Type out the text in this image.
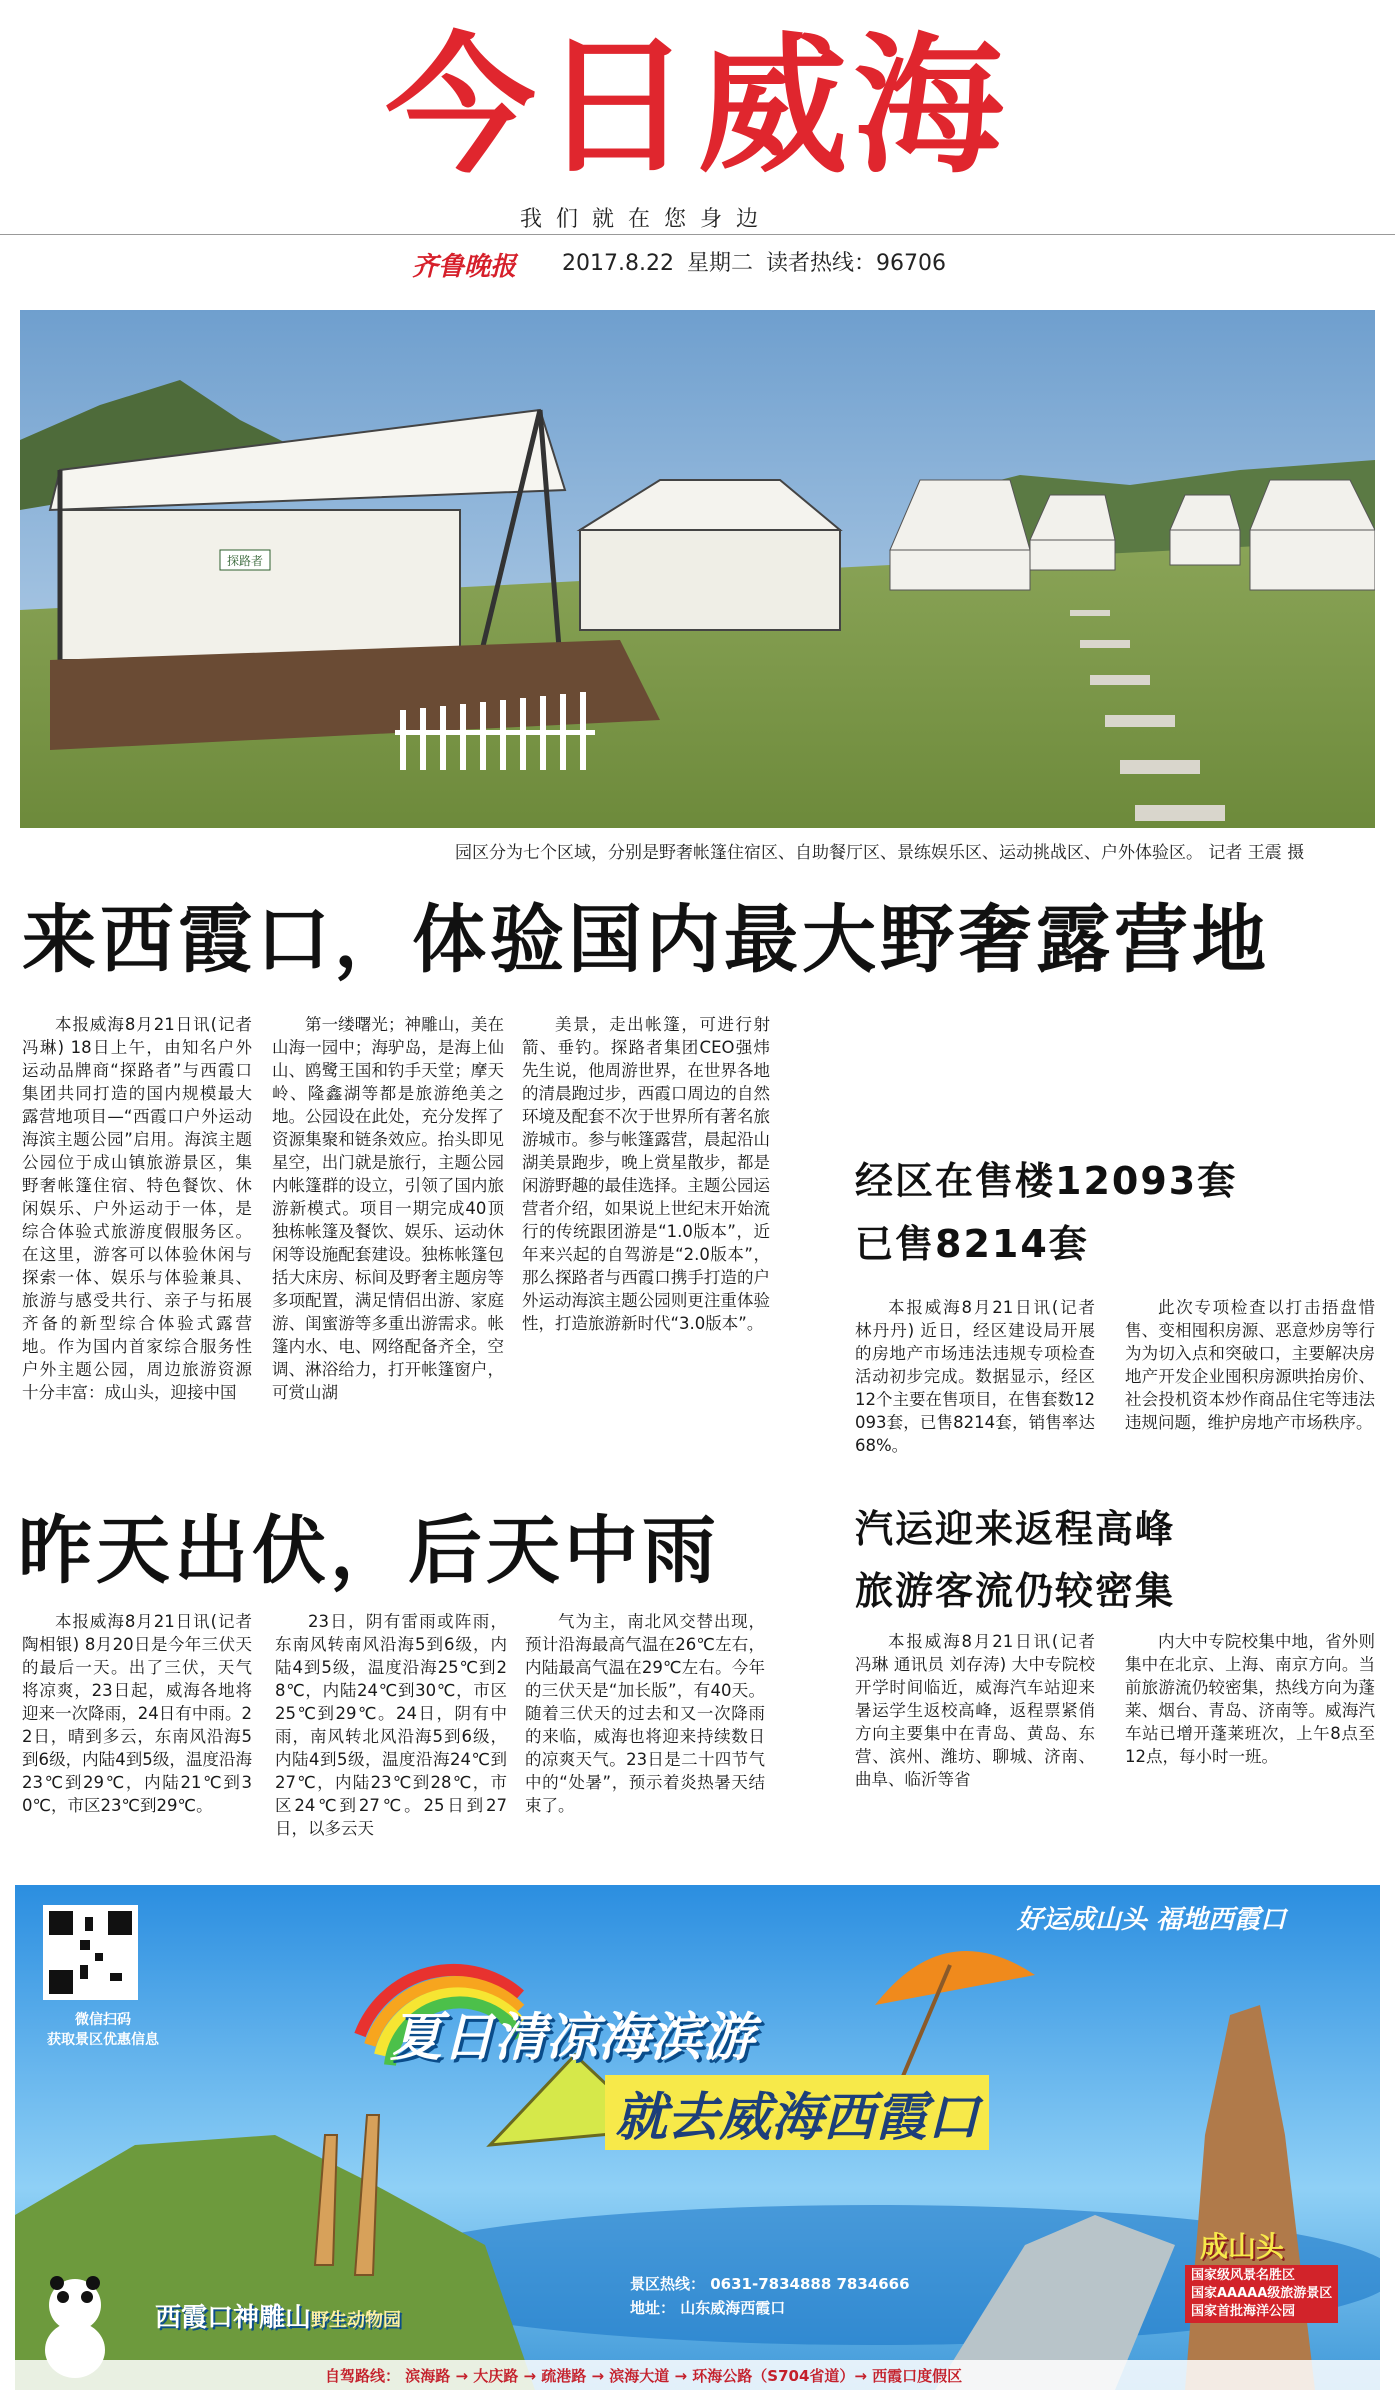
今日威海
我们就在您身边
齐鲁晚报 2017.8.22 星期二 读者热线：96706
探路者
园区分为七个区域，分别是野奢帐篷住宿区、自助餐厅区、景练娱乐区、运动挑战区、户外体验区。 记者 王震 摄
来西霞口，体验国内最大野奢露营地

本报威海8月21日讯(记者 冯琳) 18日上午，由知名户外运动品牌商“探路者”与西霞口集团共同打造的国内规模最大露营地项目—“西霞口户外运动海滨主题公园”启用。海滨主题公园位于成山镇旅游景区，集野奢帐篷住宿、特色餐饮、休闲娱乐、户外运动于一体，是综合体验式旅游度假服务区。在这里，游客可以体验休闲与探索一体、娱乐与体验兼具、旅游与感受共行、亲子与拓展齐备的新型综合体验式露营地。作为国内首家综合服务性户外主题公园，周边旅游资源十分丰富：成山头，迎接中国

第一缕曙光；神雕山，美在山海一园中；海驴岛，是海上仙山、鸥鹭王国和钓手天堂；摩天岭、隆鑫湖等都是旅游绝美之地。公园设在此处，充分发挥了资源集聚和链条效应。抬头即见星空，出门就是旅行，主题公园内帐篷群的设立，引领了国内旅游新模式。项目一期完成40顶独栋帐篷及餐饮、娱乐、运动休闲等设施配套建设。独栋帐篷包括大床房、标间及野奢主题房等多项配置，满足情侣出游、家庭游、闺蜜游等多重出游需求。帐篷内水、电、网络配备齐全，空调、淋浴给力，打开帐篷窗户，可赏山湖

美景，走出帐篷，可进行射箭、垂钓。探路者集团CEO强炜先生说，他周游世界，在世界各地的清晨跑过步，西霞口周边的自然环境及配套不次于世界所有著名旅游城市。参与帐篷露营，晨起沿山湖美景跑步，晚上赏星散步，都是闲游野趣的最佳选择。主题公园运营者介绍，如果说上世纪末开始流行的传统跟团游是“1.0版本”，近年来兴起的自驾游是“2.0版本”，那么探路者与西霞口携手打造的户外运动海滨主题公园则更注重体验性，打造旅游新时代“3.0版本”。

经区在售楼12093套
已售8214套

本报威海8月21日讯(记者 林丹丹) 近日，经区建设局开展的房地产市场违法违规专项检查活动初步完成。数据显示，经区12个主要在售项目，在售套数12093套，已售8214套，销售率达68%。

此次专项检查以打击捂盘惜售、变相囤积房源、恶意炒房等行为为切入点和突破口，主要解决房地产开发企业囤积房源哄抬房价、社会投机资本炒作商品住宅等违法违规问题，维护房地产市场秩序。

昨天出伏，后天中雨

本报威海8月21日讯(记者 陶相银) 8月20日是今年三伏天的最后一天。出了三伏，天气将凉爽，23日起，威海各地将迎来一次降雨，24日有中雨。22日，晴到多云，东南风沿海5到6级，内陆4到5级，温度沿海23℃到29℃，内陆21℃到30℃，市区23℃到29℃。

23日，阴有雷雨或阵雨，东南风转南风沿海5到6级，内陆4到5级，温度沿海25℃到28℃，内陆24℃到30℃，市区25℃到29℃。24日，阴有中雨，南风转北风沿海5到6级，内陆4到5级，温度沿海24℃到27℃，内陆23℃到28℃，市区24℃到27℃。25日到27日，以多云天

气为主，南北风交替出现，预计沿海最高气温在26℃左右，内陆最高气温在29℃左右。今年的三伏天是“加长版”，有40天。随着三伏天的过去和又一次降雨的来临，威海也将迎来持续数日的凉爽天气。23日是二十四节气中的“处暑”，预示着炎热暑天结束了。

汽运迎来返程高峰
旅游客流仍较密集

本报威海8月21日讯(记者 冯琳 通讯员 刘存涛) 大中专院校开学时间临近，威海汽车站迎来暑运学生返校高峰，返程票紧俏方向主要集中在青岛、黄岛、东营、滨州、潍坊、聊城、济南、曲阜、临沂等省

内大中专院校集中地，省外则集中在北京、上海、南京方向。当前旅游流仍较密集，热线方向为蓬莱、烟台、青岛、济南等。威海汽车站已增开蓬莱班次，上午8点至12点，每小时一班。

好运成山头 福地西霞口
夏日清凉海滨游
就去威海西霞口
微信扫码
获取景区优惠信息
西霞口神雕山野生动物园
景区热线： 0631-7834888 7834666
地址： 山东威海西霞口
自驾路线： 滨海路 → 大庆路 → 疏港路 → 滨海大道 → 环海公路（S704省道）→ 西霞口度假区
成山头
国家级风景名胜区
国家AAAAA级旅游景区
国家首批海洋公园
